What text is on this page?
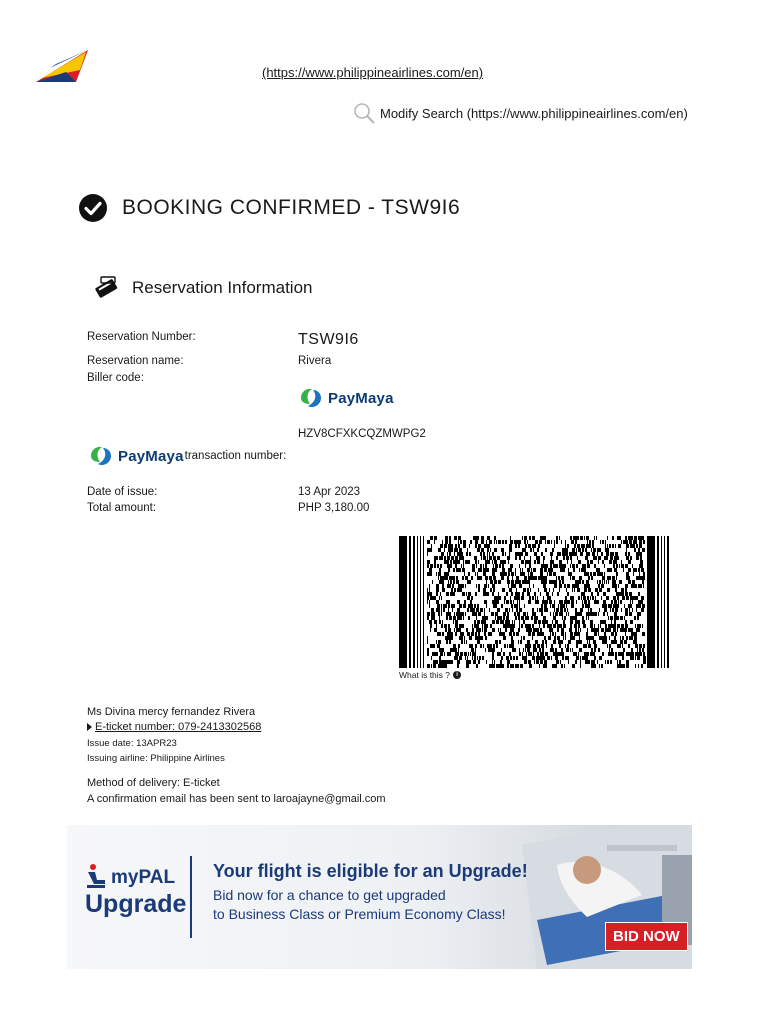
(https://www.philippineairlines.com/en)
Modify Search (https://www.philippineairlines.com/en)
BOOKING CONFIRMED - TSW9I6
Reservation Information
Reservation Number:	TSW9I6
Reservation name:	Rivera
Biller code:
PayMaya
HZV8CFXKCQZMWPG2
PayMaya transaction number:
Date of issue:	13 Apr 2023
Total amount:	PHP 3,180.00
What is this ?	i
Ms Divina mercy fernandez Rivera
E-ticket number: 079-2413302568
Issue date: 13APR23
Issuing airline: Philippine Airlines
Method of delivery: E-ticket
A confirmation email has been sent to laroajayne@gmail.com
myPAL
Upgrade
Your flight is eligible for an Upgrade!
Bid now for a chance to get upgraded
to Business Class or Premium Economy Class!
BID NOW
